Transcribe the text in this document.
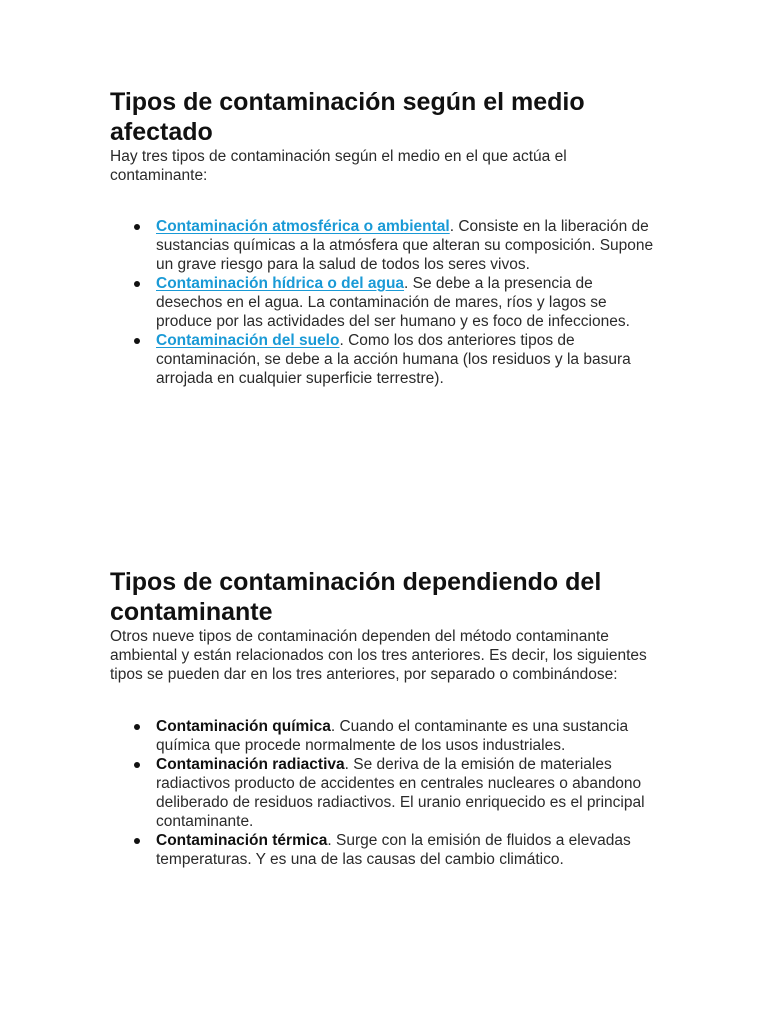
Tipos de contaminación según el medio afectado

Hay tres tipos de contaminación según el medio en el que actúa el contaminante:

Contaminación atmosférica o ambiental. Consiste en la liberación de sustancias químicas a la atmósfera que alteran su composición. Supone un grave riesgo para la salud de todos los seres vivos.
Contaminación hídrica o del agua. Se debe a la presencia de desechos en el agua. La contaminación de mares, ríos y lagos se produce por las actividades del ser humano y es foco de infecciones.
Contaminación del suelo. Como los dos anteriores tipos de contaminación, se debe a la acción humana (los residuos y la basura arrojada en cualquier superficie terrestre).
Tipos de contaminación dependiendo del contaminante

Otros nueve tipos de contaminación dependen del método contaminante ambiental y están relacionados con los tres anteriores. Es decir, los siguientes tipos se pueden dar en los tres anteriores, por separado o combinándose:

Contaminación química. Cuando el contaminante es una sustancia química que procede normalmente de los usos industriales.
Contaminación radiactiva. Se deriva de la emisión de materiales radiactivos producto de accidentes en centrales nucleares o abandono deliberado de residuos radiactivos. El uranio enriquecido es el principal contaminante.
Contaminación térmica. Surge con la emisión de fluidos a elevadas temperaturas. Y es una de las causas del cambio climático.
